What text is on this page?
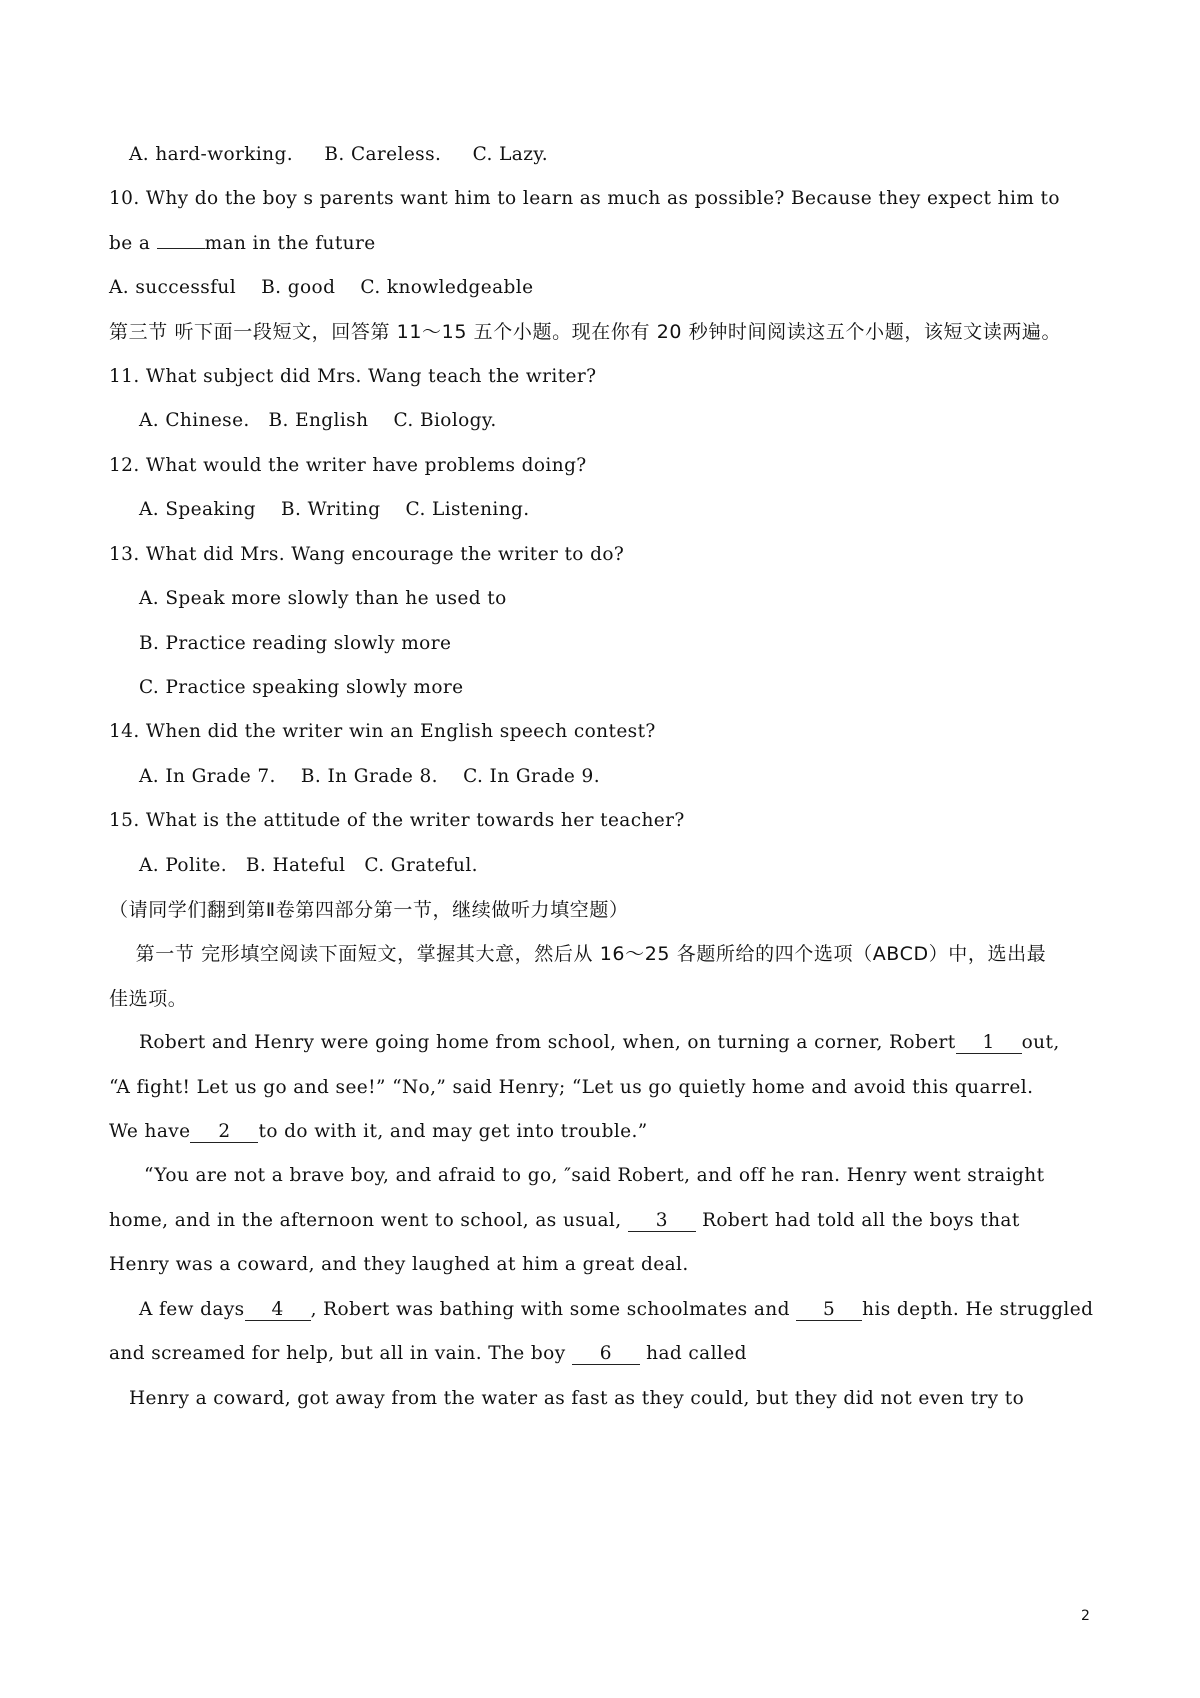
A. hard-working.     B. Careless.     C. Lazy.
10. Why do the boy s parents want him to learn as much as possible? Because they expect him to
be a	man in the future
A. successful    B. good    C. knowledgeable
第三节 听下面一段短文，回答第 11～15 五个小题。现在你有 20 秒钟时间阅读这五个小题，该短文读两遍。
11. What subject did Mrs. Wang teach the writer?
A. Chinese.   B. English    C. Biology.
12. What would the writer have problems doing?
A. Speaking    B. Writing    C. Listening.
13. What did Mrs. Wang encourage the writer to do?
A. Speak more slowly than he used to
B. Practice reading slowly more
C. Practice speaking slowly more
14. When did the writer win an English speech contest?
A. In Grade 7.    B. In Grade 8.    C. In Grade 9.
15. What is the attitude of the writer towards her teacher?
A. Polite.   B. Hateful   C. Grateful.
（请同学们翻到第Ⅱ卷第四部分第一节，继续做听力填空题）
第一节 完形填空阅读下面短文，掌握其大意，然后从 16～25 各题所给的四个选项（ABCD）中，选出最
佳选项。
Robert and Henry were going home from school, when, on turning a corner, Robert 1 out,
“A fight! Let us go and see!” “No,” said Henry; “Let us go quietly home and avoid this quarrel.
We have 2 to do with it, and may get into trouble.”
“You are not a brave boy, and afraid to go, ″said Robert, and off he ran. Henry went straight
home, and in the afternoon went to school, as usual, 3 Robert had told all the boys that
Henry was a coward, and they laughed at him a great deal.
A few days 4 , Robert was bathing with some schoolmates and 5 his depth. He struggled
and screamed for help, but all in vain. The boy 6 had called
Henry a coward, got away from the water as fast as they could, but they did not even try to
2
